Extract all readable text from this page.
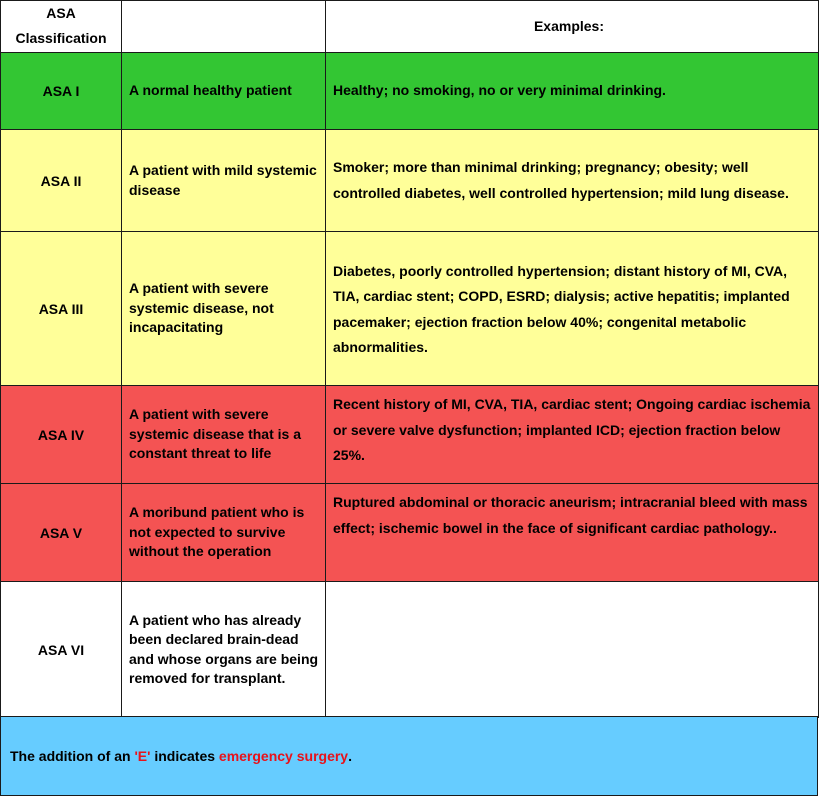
ASA Classification		Examples:
ASA I	A normal healthy patient	Healthy; no smoking, no or very minimal drinking.
ASA II	A patient with mild systemic disease	Smoker; more than minimal drinking; pregnancy; obesity; well controlled diabetes, well controlled hypertension; mild lung disease.
ASA III	A patient with severe systemic disease, not incapacitating	Diabetes, poorly controlled hypertension; distant history of MI, CVA, TIA, cardiac stent; COPD, ESRD; dialysis; active hepatitis; implanted pacemaker; ejection fraction below 40%; congenital metabolic abnormalities.
ASA IV	A patient with severe systemic disease that is a constant threat to life	Recent history of MI, CVA, TIA, cardiac stent; Ongoing cardiac ischemia or severe valve dysfunction; implanted ICD; ejection fraction below 25%.
ASA V	A moribund patient who is not expected to survive without the operation	Ruptured abdominal or thoracic aneurism; intracranial bleed with mass effect; ischemic bowel in the face of significant cardiac pathology..
ASA VI	A patient who has already been declared brain-dead and whose organs are being removed for transplant.	
The addition of an 'E' indicates emergency surgery .
